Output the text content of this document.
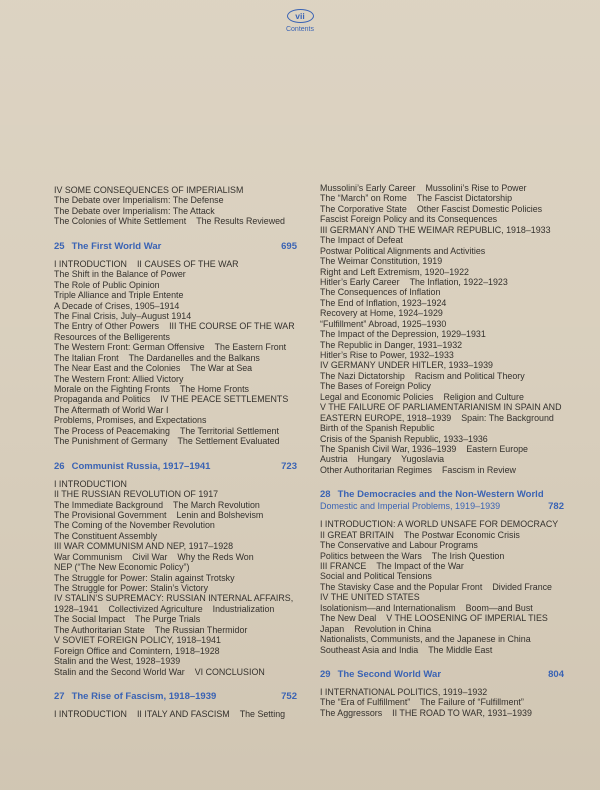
vii
Contents
IV SOME CONSEQUENCES OF IMPERIALISM
The Debate over Imperialism: The Defense
The Debate over Imperialism: The Attack
The Colonies of White Settlement The Results Reviewed
25 The First World War	695
I INTRODUCTION II CAUSES OF THE WAR
The Shift in the Balance of Power
The Role of Public Opinion
Triple Alliance and Triple Entente
A Decade of Crises, 1905–1914
The Final Crisis, July–August 1914
The Entry of Other Powers III THE COURSE OF THE WAR
Resources of the Belligerents
The Western Front: German Offensive The Eastern Front
The Italian Front The Dardanelles and the Balkans
The Near East and the Colonies The War at Sea
The Western Front: Allied Victory
Morale on the Fighting Fronts The Home Fronts
Propaganda and Politics IV THE PEACE SETTLEMENTS
The Aftermath of World War I
Problems, Promises, and Expectations
The Process of Peacemaking The Territorial Settlement
The Punishment of Germany The Settlement Evaluated
26 Communist Russia, 1917–1941	723
I INTRODUCTION
II THE RUSSIAN REVOLUTION OF 1917
The Immediate Background The March Revolution
The Provisional Government Lenin and Bolshevism
The Coming of the November Revolution
The Constituent Assembly
III WAR COMMUNISM AND NEP, 1917–1928
War Communism Civil War Why the Reds Won
NEP (“The New Economic Policy”)
The Struggle for Power: Stalin against Trotsky
The Struggle for Power: Stalin’s Victory
IV STALIN’S SUPREMACY: RUSSIAN INTERNAL AFFAIRS,
1928–1941 Collectivized Agriculture Industrialization
The Social Impact The Purge Trials
The Authoritarian State The Russian Thermidor
V SOVIET FOREIGN POLICY, 1918–1941
Foreign Office and Comintern, 1918–1928
Stalin and the West, 1928–1939
Stalin and the Second World War VI CONCLUSION
27 The Rise of Fascism, 1918–1939	752
I INTRODUCTION II ITALY AND FASCISM The Setting
Mussolini’s Early Career Mussolini’s Rise to Power
The “March” on Rome The Fascist Dictatorship
The Corporative State Other Fascist Domestic Policies
Fascist Foreign Policy and its Consequences
III GERMANY AND THE WEIMAR REPUBLIC, 1918–1933
The Impact of Defeat
Postwar Political Alignments and Activities
The Weimar Constitution, 1919
Right and Left Extremism, 1920–1922
Hitler’s Early Career The Inflation, 1922–1923
The Consequences of Inflation
The End of Inflation, 1923–1924
Recovery at Home, 1924–1929
“Fulfillment” Abroad, 1925–1930
The Impact of the Depression, 1929–1931
The Republic in Danger, 1931–1932
Hitler’s Rise to Power, 1932–1933
IV GERMANY UNDER HITLER, 1933–1939
The Nazi Dictatorship Racism and Political Theory
The Bases of Foreign Policy
Legal and Economic Policies Religion and Culture
V THE FAILURE OF PARLIAMENTARIANISM IN SPAIN AND
EASTERN EUROPE, 1918–1939 Spain: The Background
Birth of the Spanish Republic
Crisis of the Spanish Republic, 1933–1936
The Spanish Civil War, 1936–1939 Eastern Europe
Austria Hungary Yugoslavia
Other Authoritarian Regimes Fascism in Review
28 The Democracies and the Non-Western World
Domestic and Imperial Problems, 1919–1939	782
I INTRODUCTION: A WORLD UNSAFE FOR DEMOCRACY
II GREAT BRITAIN The Postwar Economic Crisis
The Conservative and Labour Programs
Politics between the Wars The Irish Question
III FRANCE The Impact of the War
Social and Political Tensions
The Stavisky Case and the Popular Front Divided France
IV THE UNITED STATES
Isolationism—and Internationalism Boom—and Bust
The New Deal V THE LOOSENING OF IMPERIAL TIES
Japan Revolution in China
Nationalists, Communists, and the Japanese in China
Southeast Asia and India The Middle East
29 The Second World War	804
I INTERNATIONAL POLITICS, 1919–1932
The “Era of Fulfillment” The Failure of “Fulfillment”
The Aggressors II THE ROAD TO WAR, 1931–1939
